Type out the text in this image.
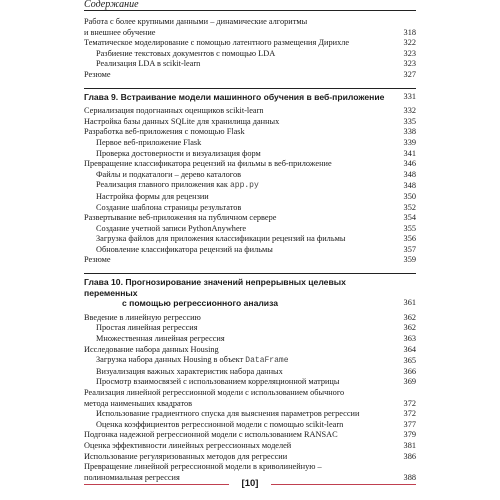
Содержание
Работа с более крупными данными – динамические алгоритмы
и внешнее обучение	318
Тематическое моделирование с помощью латентного размещения Дирихле	322
Разбиение текстовых документов с помощью LDA	323
Реализация LDA в scikit-learn	323
Резюме	327
Глава 9. Встраивание модели машинного обучения в веб-приложение 331
Сериализация подогнанных оценщиков scikit-learn	332
Настройка базы данных SQLite для хранилища данных	335
Разработка веб-приложения с помощью Flask	338
Первое веб-приложение Flask	339
Проверка достоверности и визуализация форм	341
Превращение классификатора рецензий на фильмы в веб-приложение	346
Файлы и подкаталоги – дерево каталогов	348
Реализация главного приложения как app.py	348
Настройка формы для рецензии	350
Создание шаблона страницы результатов	352
Развертывание веб-приложения на публичном сервере	354
Создание учетной записи PythonAnywhere	355
Загрузка файлов для приложения классификации рецензий на фильмы	356
Обновление классификатора рецензий на фильмы	357
Резюме	359
Глава 10. Прогнозирование значений непрерывных целевых переменных
с помощью регрессионного анализа	361
Введение в линейную регрессию	362
Простая линейная регрессия	362
Множественная линейная регрессия	363
Исследование набора данных Housing	364
Загрузка набора данных Housing в объект DataFrame	365
Визуализация важных характеристик набора данных	366
Просмотр взаимосвязей с использованием корреляционной матрицы	369
Реализация линейной регрессионной модели с использованием обычного
метода наименьших квадратов	372
Использование градиентного спуска для выяснения параметров регрессии	372
Оценка коэффициентов регрессионной модели с помощью scikit-learn	377
Подгонка надежной регрессионной модели с использованием RANSAC	379
Оценка эффективности линейных регрессионных моделей	381
Использование регуляризованных методов для регрессии	386
Превращение линейной регрессионной модели в криволинейную –
полиномиальная регрессия	388
[10]
